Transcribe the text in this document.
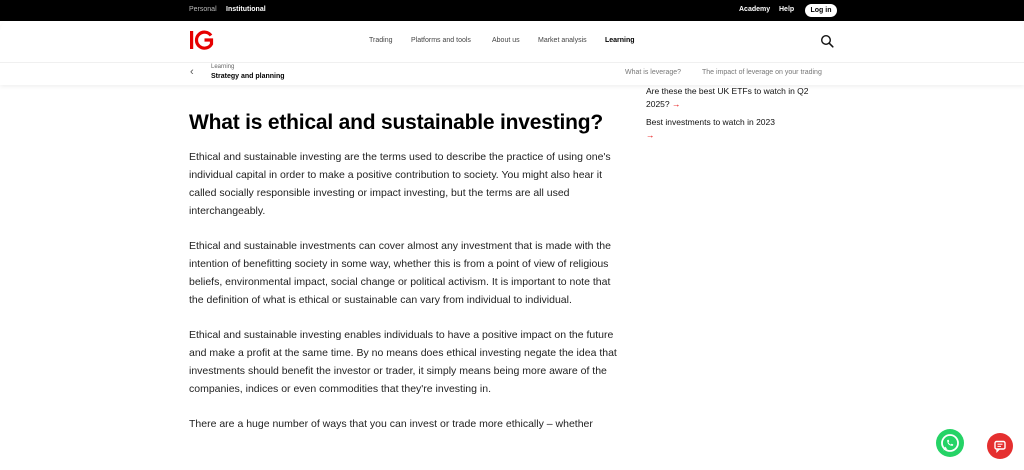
Personal Institutional	Academy Help	Log in
Trading	Platforms and tools	About us	Market analysis	Learning
‹	Learning
Strategy and planning
What is leverage?	The impact of leverage on your trading
What is ethical and sustainable investing?

Ethical and sustainable investing are the terms used to describe the practice of using one's individual capital in order to make a positive contribution to society. You might also hear it called socially responsible investing or impact investing, but the terms are all used interchangeably.

Ethical and sustainable investments can cover almost any investment that is made with the intention of benefitting society in some way, whether this is from a point of view of religious beliefs, environmental impact, social change or political activism. It is important to note that the definition of what is ethical or sustainable can vary from individual to individual.

Ethical and sustainable investing enables individuals to have a positive impact on the future and make a profit at the same time. By no means does ethical investing negate the idea that investments should benefit the investor or trader, it simply means being more aware of the companies, indices or even commodities that they're investing in.

There are a huge number of ways that you can invest or trade more ethically – whether

Are these the best UK ETFs to watch in Q2 2025? →
Best investments to watch in 2023 →
